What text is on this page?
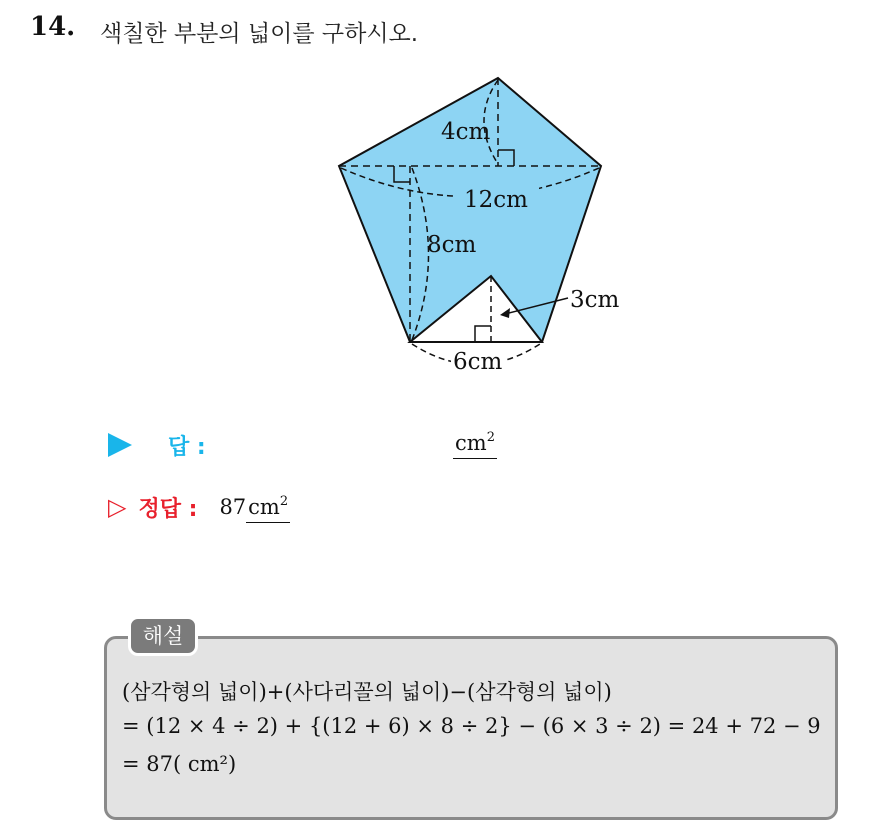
14. 색칠한 부분의 넓이를 구하시오.
4cm
12cm
8cm
3cm
6cm
답 :	$cm^2$
▷ 정답 : 87 $cm^2$
해설
(삼각형의 넓이)+(사다리꼴의 넓이)−(삼각형의 넓이)
= (12 × 4 ÷ 2) + {(12 + 6) × 8 ÷ 2} − (6 × 3 ÷ 2) = 24 + 72 − 9
= 87( cm²)
